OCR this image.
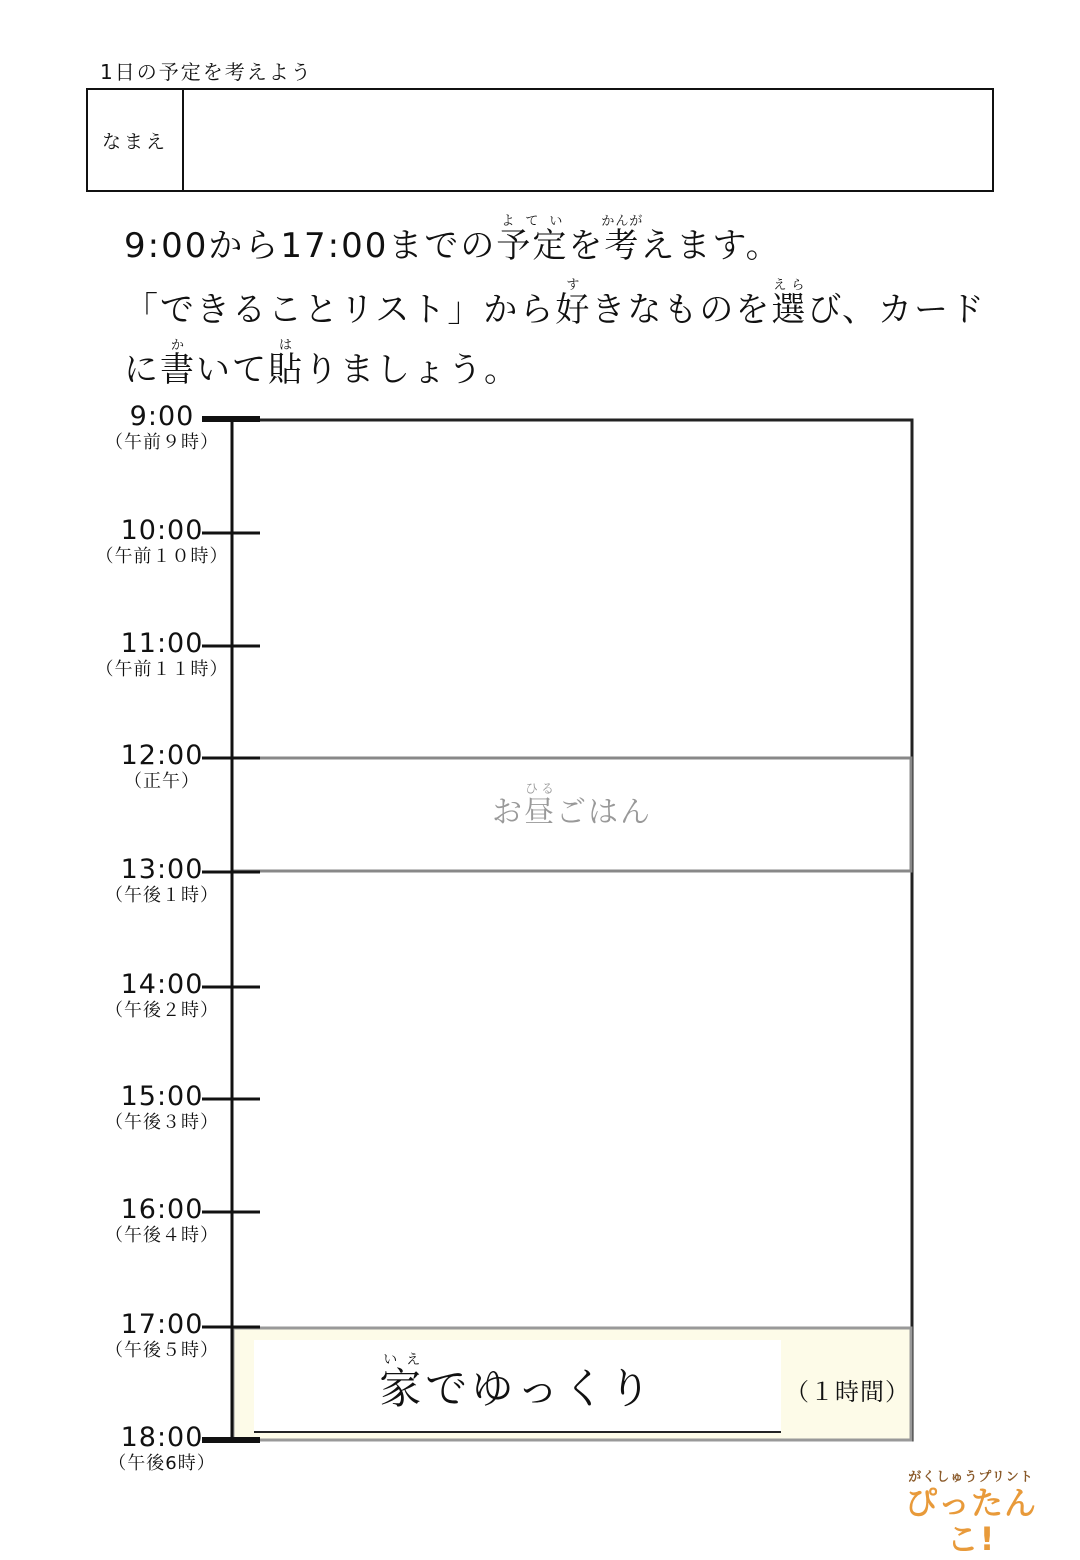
1日の予定を考えよう
なまえ
9:00から17:00までの予定よていを考かんがえます。
「できることリスト」から好すきなものを選えらび、カード
に書かいて貼はりましょう。
9:00
（午前９時）
10:00
（午前１０時）
11:00
（午前１１時）
12:00
（正午）
13:00
（午後１時）
14:00
（午後２時）
15:00
（午後３時）
16:00
（午後４時）
17:00
（午後５時）
18:00
（午後6時）
お昼ひるごはん
家いえでゆっくり	（１時間）
がくしゅうプリント
ぴったんこ!
